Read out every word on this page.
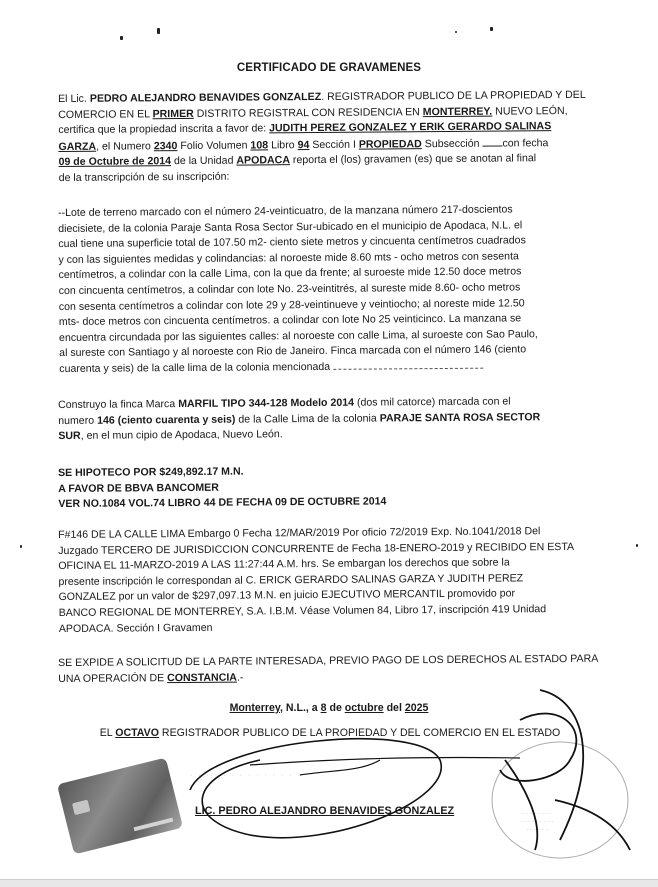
CERTIFICADO DE GRAVAMENES
El Lic. PEDRO ALEJANDRO BENAVIDES GONZALEZ. REGISTRADOR PUBLICO DE LA PROPIEDAD Y DEL
COMERCIO EN EL PRIMER DISTRITO REGISTRAL CON RESIDENCIA EN MONTERREY. NUEVO LEÓN,
certifica que la propiedad inscrita a favor de: JUDITH PEREZ GONZALEZ Y ERIK GERARDO SALINAS
GARZA, el Numero 2340 Folio Volumen 108 Libro 94 Sección I PROPIEDAD Subsección con fecha
09 de Octubre de 2014 de la Unidad APODACA reporta el (los) gravamen (es) que se anotan al final
de la transcripción de su inscripción:
--Lote de terreno marcado con el número 24-veinticuatro, de la manzana número 217-doscientos
diecisiete, de la colonia Paraje Santa Rosa Sector Sur-ubicado en el municipio de Apodaca, N.L. el
cual tiene una superficie total de 107.50 m2- ciento siete metros y cincuenta centímetros cuadrados
y con las siguientes medidas y colindancias: al noroeste mide 8.60 mts - ocho metros con sesenta
centímetros, a colindar con la calle Lima, con la que da frente; al suroeste mide 12.50 doce metros
con cincuenta centímetros, a colindar con lote No. 23-veintitrés, al sureste mide 8.60- ocho metros
con sesenta centímetros a colindar con lote 29 y 28-veintinueve y veintiocho; al noreste mide 12.50
mts- doce metros con cincuenta centímetros. a colindar con lote No 25 veinticinco. La manzana se
encuentra circundada por las siguientes calles: al noroeste con calle Lima, al suroeste con Sao Paulo,
al sureste con Santiago y al noroeste con Rio de Janeiro. Finca marcada con el número 146 (ciento
cuarenta y seis) de la calle lima de la colonia mencionada
Construyo la finca Marca MARFIL TIPO 344-128 Modelo 2014 (dos mil catorce) marcada con el
numero 146 (ciento cuarenta y seis) de la Calle Lima de la colonia PARAJE SANTA ROSA SECTOR
SUR, en el mun cipio de Apodaca, Nuevo León.
SE HIPOTECO POR $249,892.17 M.N.
A FAVOR DE BBVA BANCOMER
VER NO.1084 VOL.74 LIBRO 44 DE FECHA 09 DE OCTUBRE 2014
F#146 DE LA CALLE LIMA Embargo 0 Fecha 12/MAR/2019 Por oficio 72/2019 Exp. No.1041/2018 Del
Juzgado TERCERO DE JURISDICCION CONCURRENTE de Fecha 18-ENERO-2019 y RECIBIDO EN ESTA
OFICINA EL 11-MARZO-2019 A LAS 11:27:44 A.M. hrs. Se embargan los derechos que sobre la
presente inscripción le correspondan al C. ERICK GERARDO SALINAS GARZA Y JUDITH PEREZ
GONZALEZ por un valor de $297,097.13 M.N. en juicio EJECUTIVO MERCANTIL promovido por
BANCO REGIONAL DE MONTERREY, S.A. I.B.M. Véase Volumen 84, Libro 17, inscripción 419 Unidad
APODACA. Sección I Gravamen
SE EXPIDE A SOLICITUD DE LA PARTE INTERESADA, PREVIO PAGO DE LOS DERECHOS AL ESTADO PARA
UNA OPERACIÓN DE CONSTANCIA.-
Monterrey, N.L., a 8 de octubre del 2025
EL OCTAVO REGISTRADOR PUBLICO DE LA PROPIEDAD Y DEL COMERCIO EN EL ESTADO
· · · · · · · · · · · · · ·
LIC. PEDRO ALEJANDRO BENAVIDES GONZALEZ	· · · · · · · ·
· · · · · · · · ·
· · · · · ·
